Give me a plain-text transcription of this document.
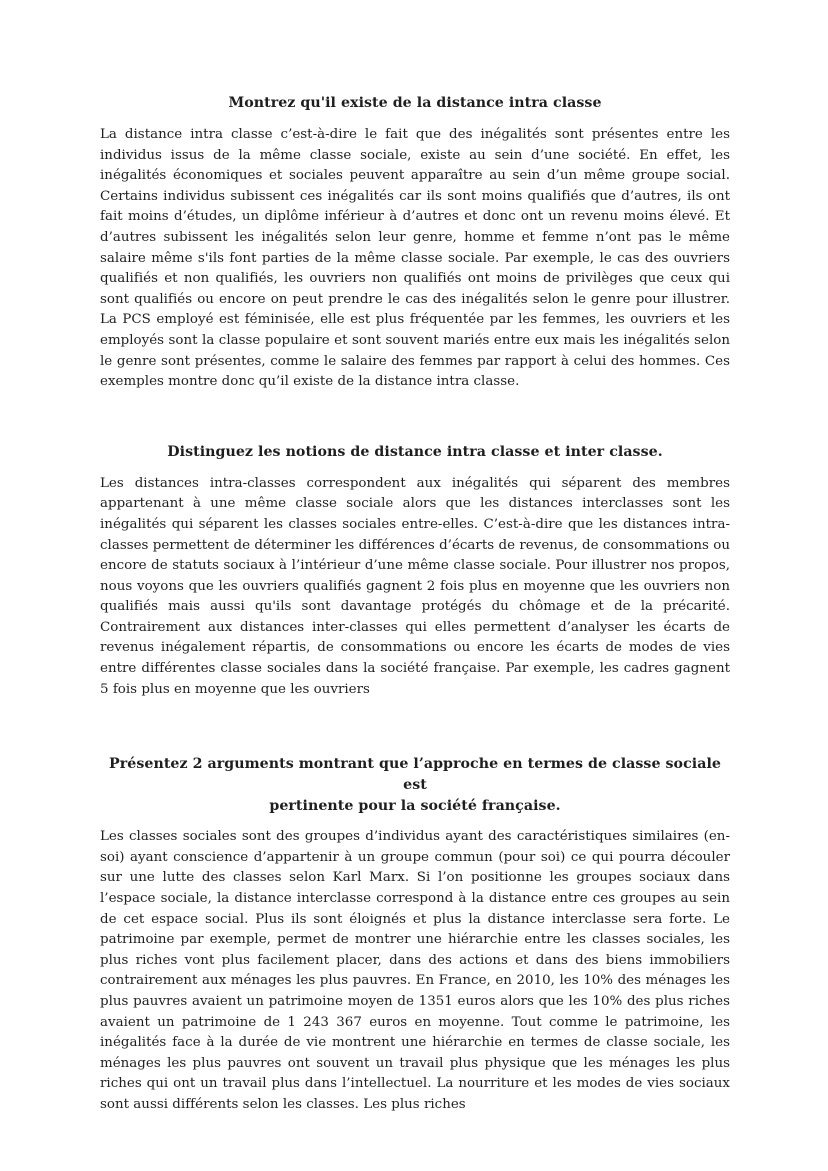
Montrez qu'il existe de la distance intra classe

La distance intra classe c’est-à-dire le fait que des inégalités sont présentes entre les individus issus de la même classe sociale, existe au sein d’une société. En effet, les inégalités économiques et sociales peuvent apparaître au sein d’un même groupe social. Certains individus subissent ces inégalités car ils sont moins qualifiés que d’autres, ils ont fait moins d’études, un diplôme inférieur à d’autres et donc ont un revenu moins élevé. Et d’autres subissent les inégalités selon leur genre, homme et femme n’ont pas le même salaire même s'ils font parties de la même classe sociale. Par exemple, le cas des ouvriers qualifiés et non qualifiés, les ouvriers non qualifiés ont moins de privilèges que ceux qui sont qualifiés ou encore on peut prendre le cas des inégalités selon le genre pour illustrer. La PCS employé est féminisée, elle est plus fréquentée par les femmes, les ouvriers et les employés sont la classe populaire et sont souvent mariés entre eux mais les inégalités selon le genre sont présentes, comme le salaire des femmes par rapport à celui des hommes. Ces exemples montre donc qu’il existe de la distance intra classe.

Distinguez les notions de distance intra classe et inter classe.

Les distances intra-classes correspondent aux inégalités qui séparent des membres appartenant à une même classe sociale alors que les distances interclasses sont les inégalités qui séparent les classes sociales entre-elles. C’est-à-dire que les distances intra-classes permettent de déterminer les différences d’écarts de revenus, de consommations ou encore de statuts sociaux à l’intérieur d’une même classe sociale. Pour illustrer nos propos, nous voyons que les ouvriers qualifiés gagnent 2 fois plus en moyenne que les ouvriers non qualifiés mais aussi qu'ils sont davantage protégés du chômage et de la précarité. Contrairement aux distances inter-classes qui elles permettent d’analyser les écarts de revenus inégalement répartis, de consommations ou encore les écarts de modes de vies entre différentes classe sociales dans la société française. Par exemple, les cadres gagnent 5 fois plus en moyenne que les ouvriers

Présentez 2 arguments montrant que l’approche en termes de classe sociale est
pertinente pour la société française.

Les classes sociales sont des groupes d’individus ayant des caractéristiques similaires (en-soi) ayant conscience d’appartenir à un groupe commun (pour soi) ce qui pourra découler sur une lutte des classes selon Karl Marx. Si l’on positionne les groupes sociaux dans l’espace sociale, la distance interclasse correspond à la distance entre ces groupes au sein de cet espace social. Plus ils sont éloignés et plus la distance interclasse sera forte. Le patrimoine par exemple, permet de montrer une hiérarchie entre les classes sociales, les plus riches vont plus facilement placer, dans des actions et dans des biens immobiliers contrairement aux ménages les plus pauvres. En France, en 2010, les 10% des ménages les plus pauvres avaient un patrimoine moyen de 1351 euros alors que les 10% des plus riches avaient un patrimoine de 1 243 367 euros en moyenne. Tout comme le patrimoine, les inégalités face à la durée de vie montrent une hiérarchie en termes de classe sociale, les ménages les plus pauvres ont souvent un travail plus physique que les ménages les plus riches qui ont un travail plus dans l’intellectuel. La nourriture et les modes de vies sociaux sont aussi différents selon les classes. Les plus riches
